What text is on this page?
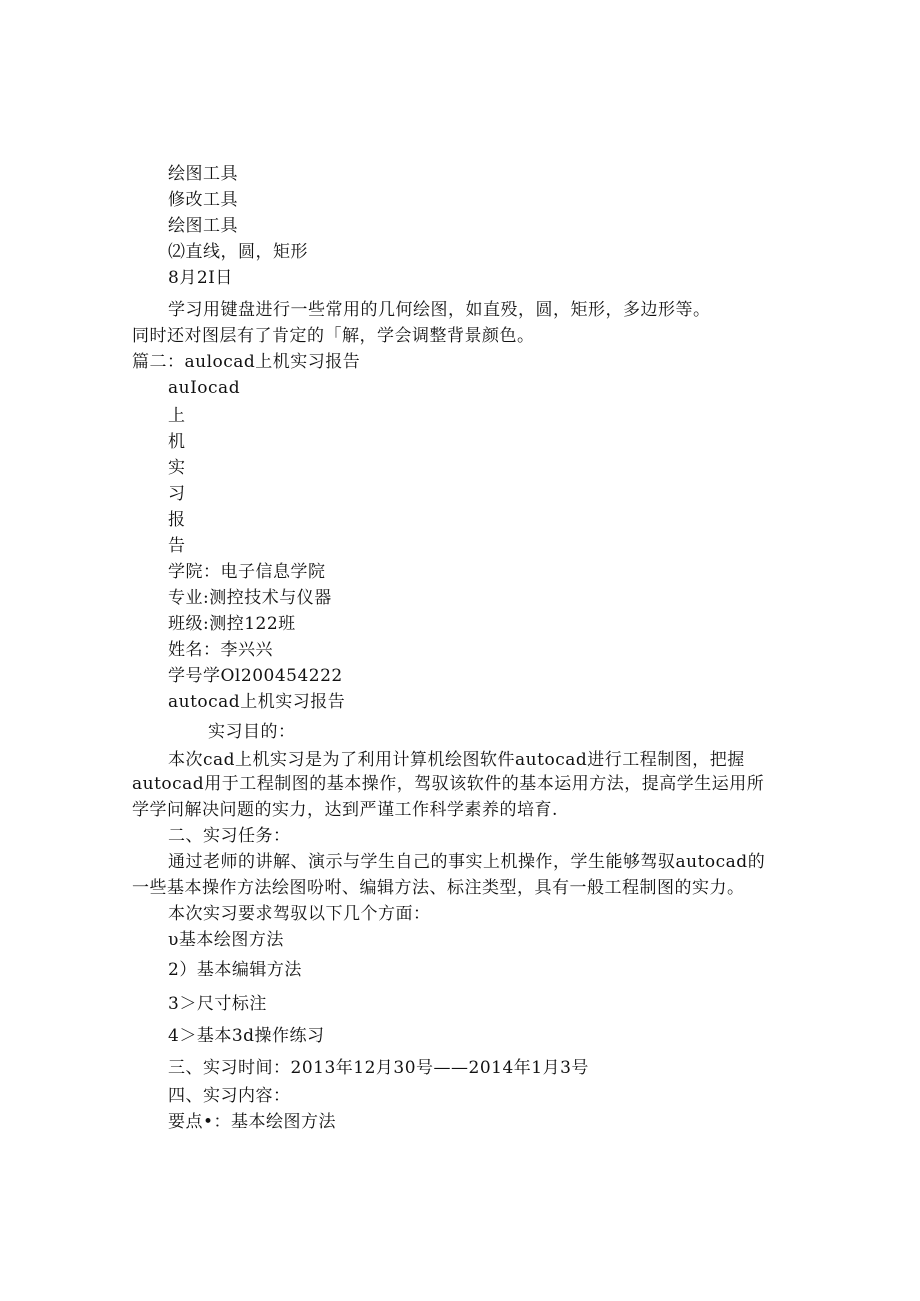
绘图工具
修改工具
绘图工具
⑵直线，圆，矩形
8月2I日
学习用键盘进行一些常用的几何绘图，如直殁，圆，矩形，多边形等。
同时还对图层有了肯定的「解，学会调整背景颜色。
篇二：aulocad上机实习报告
auIocad
上
机
实
习
报
告
学院：电子信息学院
专业:测控技术与仪器
班级:测控122班
姓名：李兴兴
学号学Ol200454222
autocad上机实习报告
实习目的：
本次cad上机实习是为了利用计算机绘图软件autocad进行工程制图，把握
autocad用于工程制图的基本操作，驾驭该软件的基本运用方法，提高学生运用所
学学问解决问题的实力，达到严谨工作科学素养的培育.
二、实习任务：
通过老师的讲解、演示与学生自己的事实上机操作，学生能够驾驭autocad的
一些基本操作方法绘图吩咐、编辑方法、标注类型，具有一般工程制图的实力。
本次实习要求驾驭以下几个方面：
υ基本绘图方法
2）基本编辑方法
3＞尺寸标注
4＞基本3d操作练习
三、实习时间：2013年12月30号——2014年1月3号
四、实习内容：
要点•：基本绘图方法
